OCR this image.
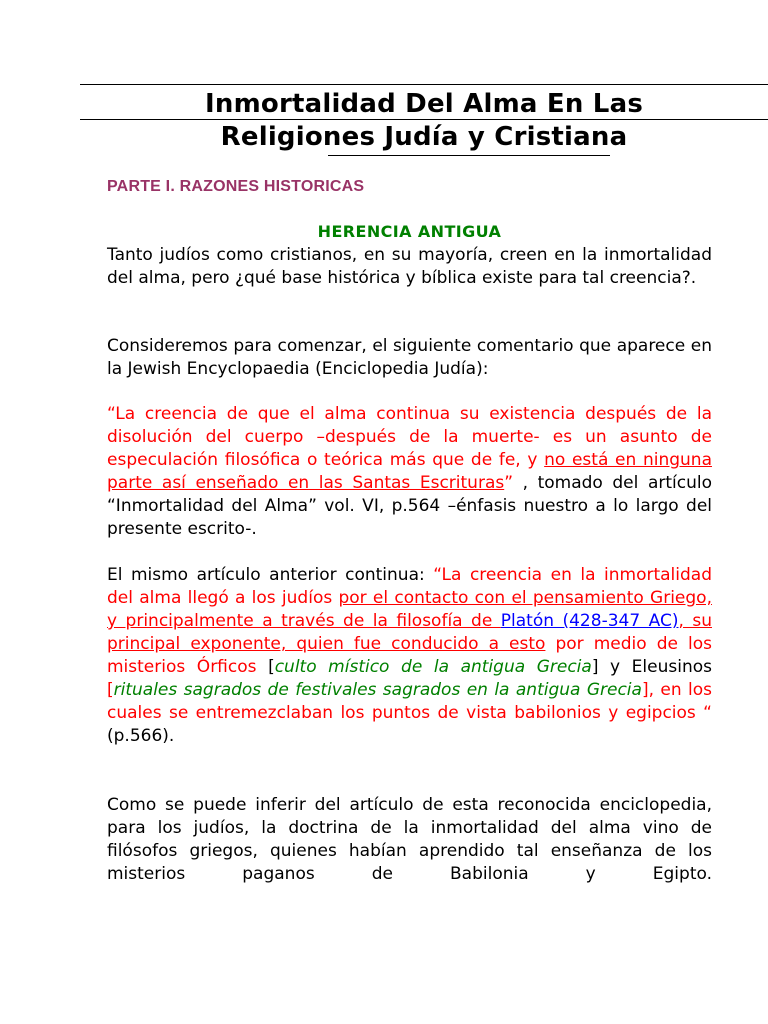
Inmortalidad Del Alma En Las
Religiones Judía y Cristiana
PARTE I. RAZONES HISTORICAS
HERENCIA ANTIGUA
Tanto judíos como cristianos, en su mayoría, creen en la inmortalidad del alma, pero ¿qué base histórica y bíblica existe para tal creencia?.
Consideremos para comenzar, el siguiente comentario que aparece en la Jewish Encyclopaedia (Enciclopedia Judía):
“La creencia de que el alma continua su existencia después de la disolución del cuerpo –después de la muerte- es un asunto de especulación filosófica o teórica más que de fe, y no está en ninguna parte así enseñado en las Santas Escrituras” , tomado del artículo “Inmortalidad del Alma” vol. VI, p.564 –énfasis nuestro a lo largo del presente escrito-.
El mismo artículo anterior continua: “La creencia en la inmortalidad del alma llegó a los judíos por el contacto con el pensamiento Griego, y principalmente a través de la filosofía de Platón (428-347 AC), su principal exponente, quien fue conducido a esto por medio de los misterios Órficos [culto místico de la antigua Grecia] y Eleusinos [rituales sagrados de festivales sagrados en la antigua Grecia], en los cuales se entremezclaban los puntos de vista babilonios y egipcios “ (p.566).
Como se puede inferir del artículo de esta reconocida enciclopedia, para los judíos, la doctrina de la inmortalidad del alma vino de filósofos griegos, quienes habían aprendido tal enseñanza de los misterios paganos de Babilonia y Egipto.
